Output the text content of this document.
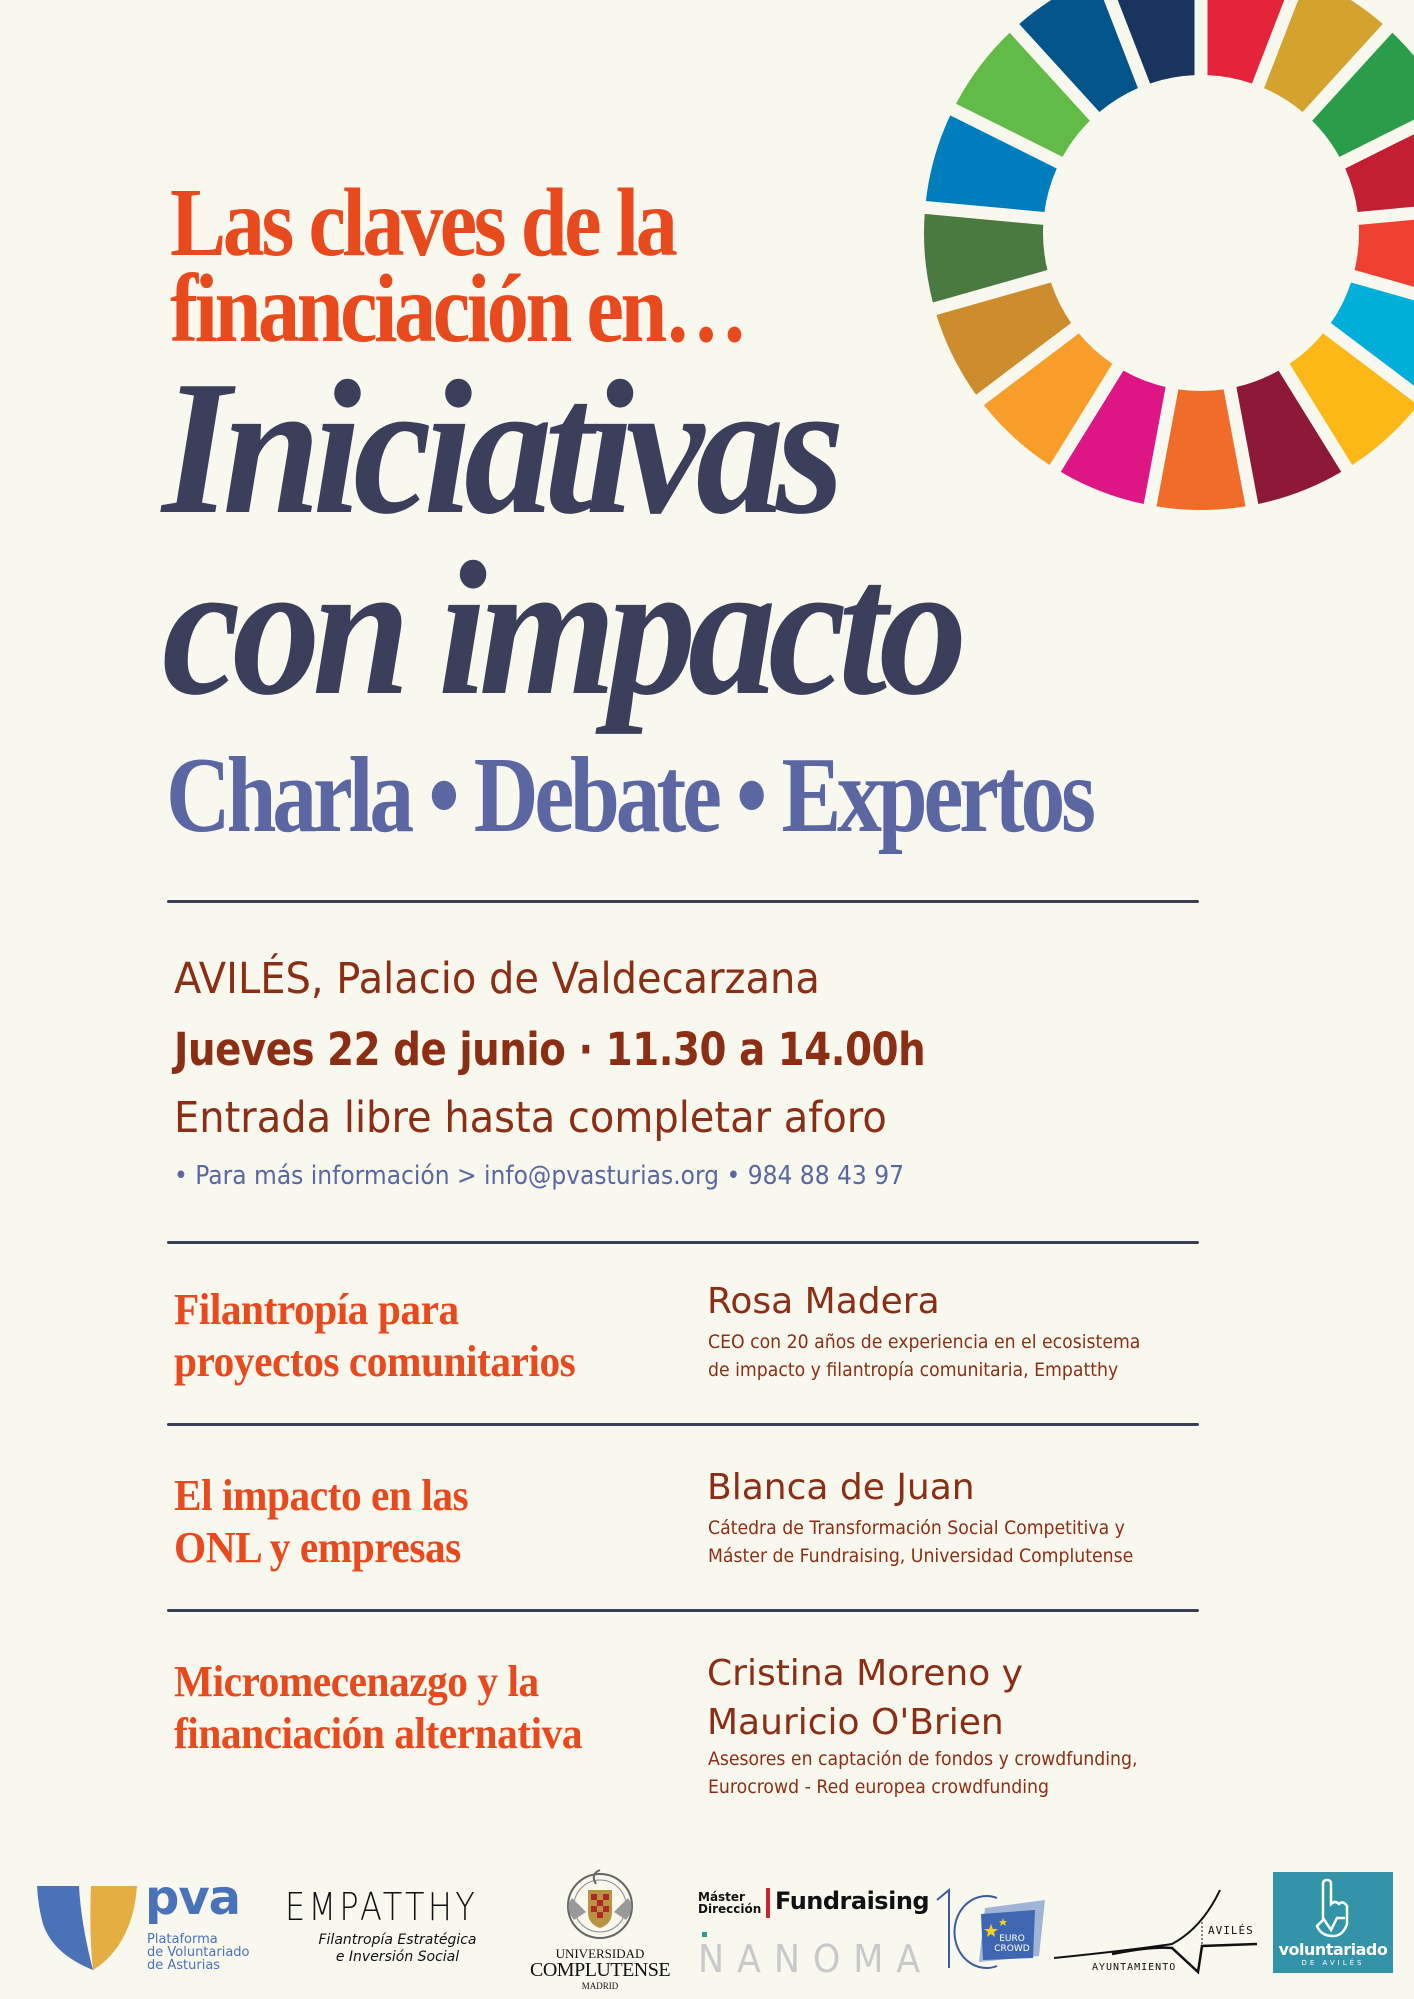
Las claves de la
financiación en…
Iniciativas
con impacto
Charla • Debate • Expertos
AVILÉS, Palacio de Valdecarzana
Jueves 22 de junio · 11.30 a 14.00h
Entrada libre hasta completar aforo
• Para más información > info@pvasturias.org • 984 88 43 97
Filantropía para
proyectos comunitarios
Rosa Madera
CEO con 20 años de experiencia en el ecosistema
de impacto y filantropía comunitaria, Empatthy
El impacto en las
ONL y empresas
Blanca de Juan
Cátedra de Transformación Social Competitiva y
Máster de Fundraising, Universidad Complutense
Micromecenazgo y la
financiación alternativa
Cristina Moreno y
Mauricio O'Brien
Asesores en captación de fondos y crowdfunding,
Eurocrowd - Red europea crowdfunding
pva
Plataforma
de Voluntariado
de Asturias
EMPATTHY
Filantropía Estratégica
e Inversión Social	UNIVERSIDAD
COMPLUTENSE
MADRID
Máster
Dirección Fundraising
NANOMA	EURO
CROWD
AVILÉS
AYUNTAMIENTO
voluntariado
DE AVILÉS
